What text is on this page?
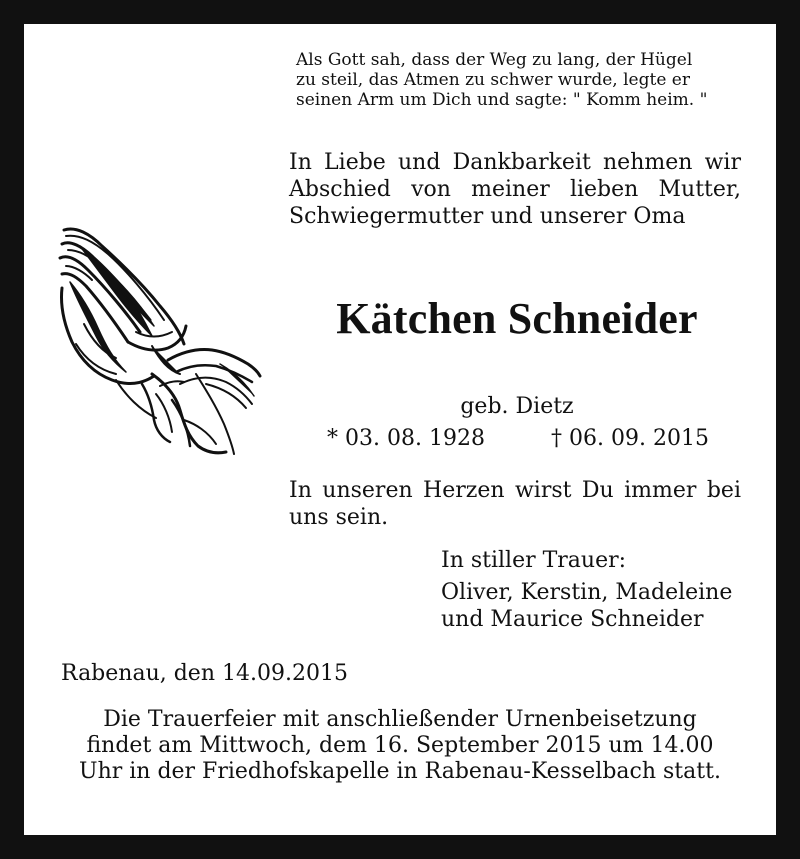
Als Gott sah, dass der Weg zu lang, der Hügel
zu steil, das Atmen zu schwer wurde, legte er
seinen Arm um Dich und sagte: " Komm heim. "
In Liebe und Dankbarkeit nehmen wir
Abschied von meiner lieben Mutter,
Schwiegermutter und unserer Oma
Kätchen Schneider
geb. Dietz
* 03. 08. 1928	† 06. 09. 2015
In unseren Herzen wirst Du immer bei
uns sein.
In stiller Trauer:
Oliver, Kerstin, Madeleine
und Maurice Schneider
Rabenau, den 14.09.2015
Die Trauerfeier mit anschließender Urnenbeisetzung
findet am Mittwoch, dem 16. September 2015 um 14.00
Uhr in der Friedhofskapelle in Rabenau-Kesselbach statt.
